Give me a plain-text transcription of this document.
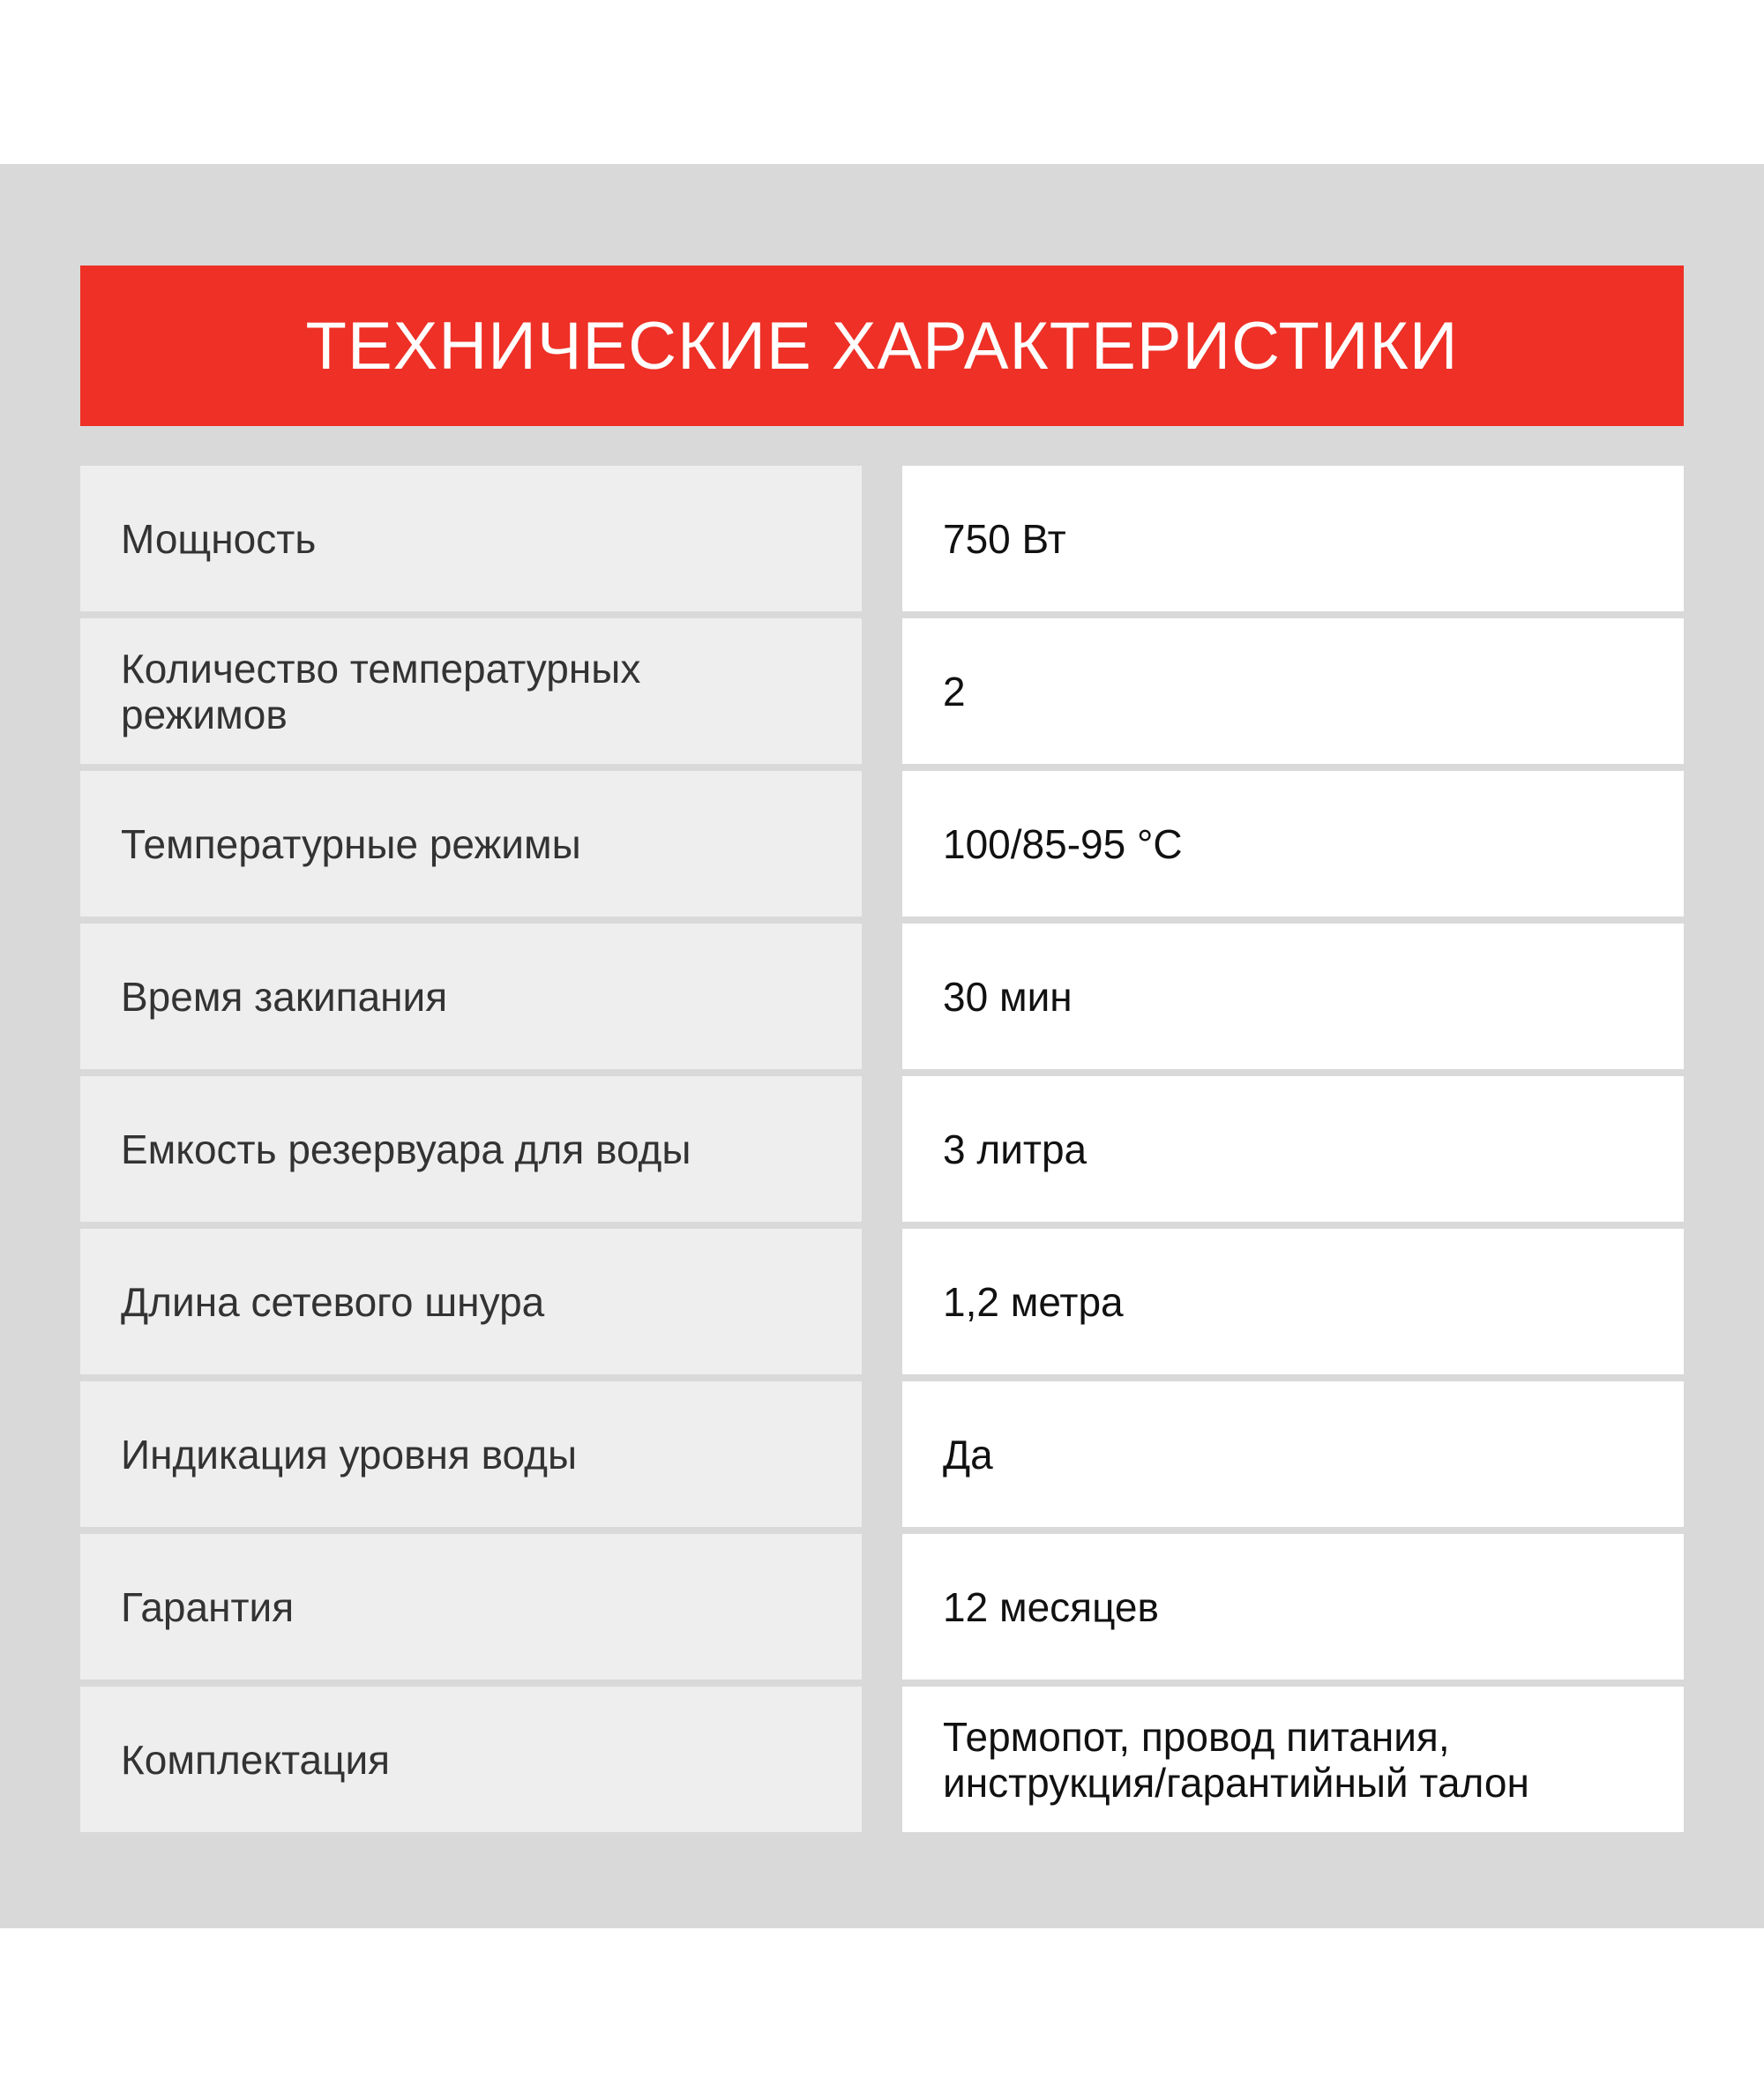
ТЕХНИЧЕСКИЕ ХАРАКТЕРИСТИКИ
Мощность	750 Вт
Количество температурных
режимов	2
Температурные режимы	100/85-95 °С
Время закипания	30 мин
Емкость резервуара для воды	3 литра
Длина сетевого шнура	1,2 метра
Индикация уровня воды	Да
Гарантия	12 месяцев
Комплектация	Термопот, провод питания,
инструкция/гарантийный талон
